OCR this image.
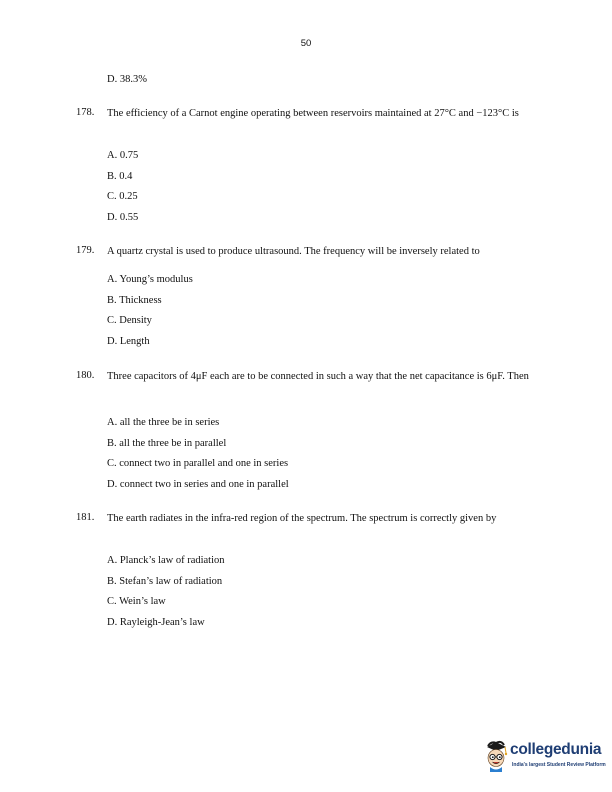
50
D. 38.3%
178. The efficiency of a Carnot engine operating between reservoirs maintained at 27°C and −123°C is
A. 0.75
B. 0.4
C. 0.25
D. 0.55
179. A quartz crystal is used to produce ultrasound. The frequency will be inversely related to
A. Young’s modulus
B. Thickness
C. Density
D. Length
180. Three capacitors of 4μF each are to be connected in such a way that the net capacitance is 6μF. Then
A. all the three be in series
B. all the three be in parallel
C. connect two in parallel and one in series
D. connect two in series and one in parallel
181. The earth radiates in the infra-red region of the spectrum. The spectrum is correctly given by
A. Planck’s law of radiation
B. Stefan’s law of radiation
C. Wein’s law
D. Rayleigh-Jean’s law
collegedunia
India's largest Student Review Platform
